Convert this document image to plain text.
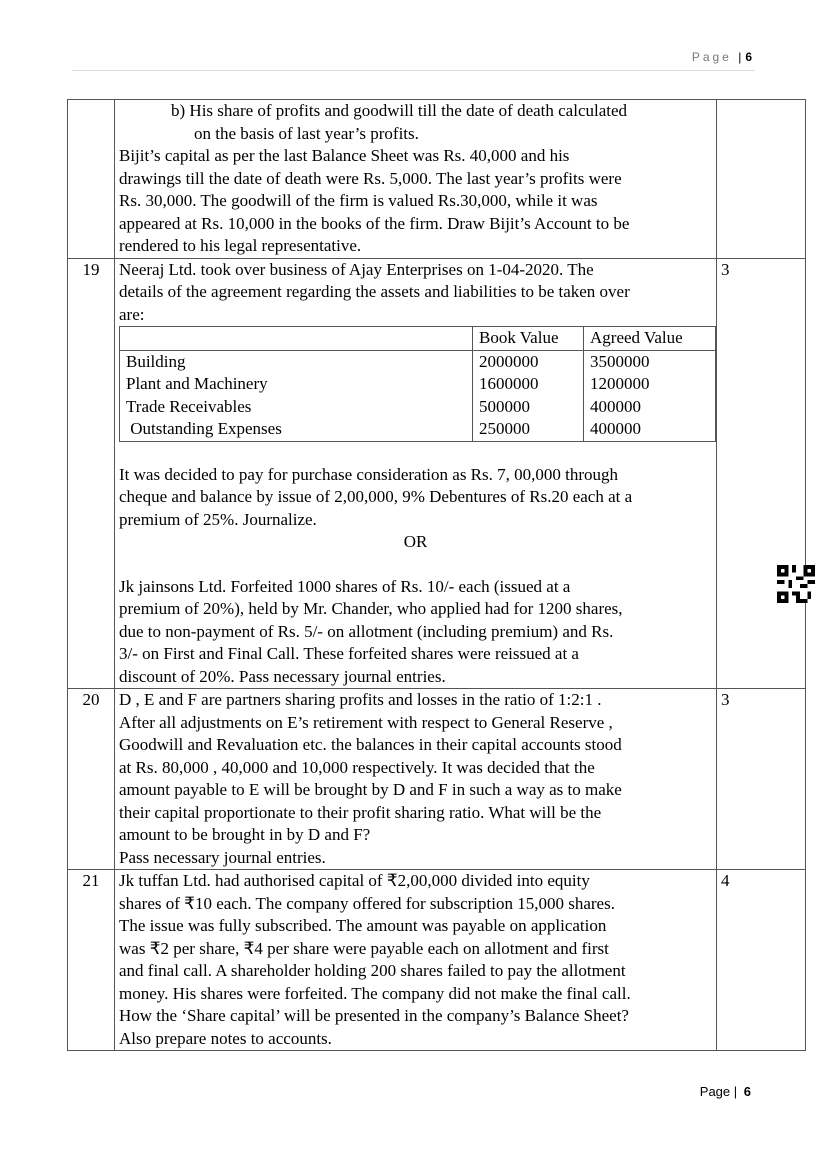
Page | 6

b) His share of profits and goodwill till the date of death calculated
on the basis of last year’s profits.
Bijit’s capital as per the last Balance Sheet was Rs. 40,000 and his
drawings till the date of death were Rs. 5,000. The last year’s profits were
Rs. 30,000. The goodwill of the firm is valued Rs.30,000, while it was
appeared at Rs. 10,000 in the books of the firm. Draw Bijit’s Account to be
rendered to his legal representative.

19	Neeraj Ltd. took over business of Ajay Enterprises on 1-04-2020. The
details of the agreement regarding the assets and liabilities to be taken over
are:
	Book Value	Agreed Value
Building	2000000	3500000
Plant and Machinery	1600000	1200000
Trade Receivables	500000	400000
Outstanding Expenses	250000	400000
It was decided to pay for purchase consideration as Rs. 7, 00,000 through
cheque and balance by issue of 2,00,000, 9% Debentures of Rs.20 each at a
premium of 25%. Journalize.
OR
Jk jainsons Ltd. Forfeited 1000 shares of Rs. 10/- each (issued at a
premium of 20%), held by Mr. Chander, who applied had for 1200 shares,
due to non-payment of Rs. 5/- on allotment (including premium) and Rs.
3/- on First and Final Call. These forfeited shares were reissued at a
discount of 20%. Pass necessary journal entries.
	3
20	D , E and F are partners sharing profits and losses in the ratio of 1:2:1 .
After all adjustments on E’s retirement with respect to General Reserve ,
Goodwill and Revaluation etc. the balances in their capital accounts stood
at Rs. 80,000 , 40,000 and 10,000 respectively. It was decided that the
amount payable to E will be brought by D and F in such a way as to make
their capital proportionate to their profit sharing ratio. What will be the
amount to be brought in by D and F?
Pass necessary journal entries.
	3
21	Jk tuffan Ltd. had authorised capital of ₹2,00,000 divided into equity
shares of ₹10 each. The company offered for subscription 15,000 shares.
The issue was fully subscribed. The amount was payable on application
was ₹2 per share, ₹4 per share were payable each on allotment and first
and final call. A shareholder holding 200 shares failed to pay the allotment
money. His shares were forfeited. The company did not make the final call.
How the ‘Share capital’ will be presented in the company’s Balance Sheet?
Also prepare notes to accounts.
	4
Page | 6
